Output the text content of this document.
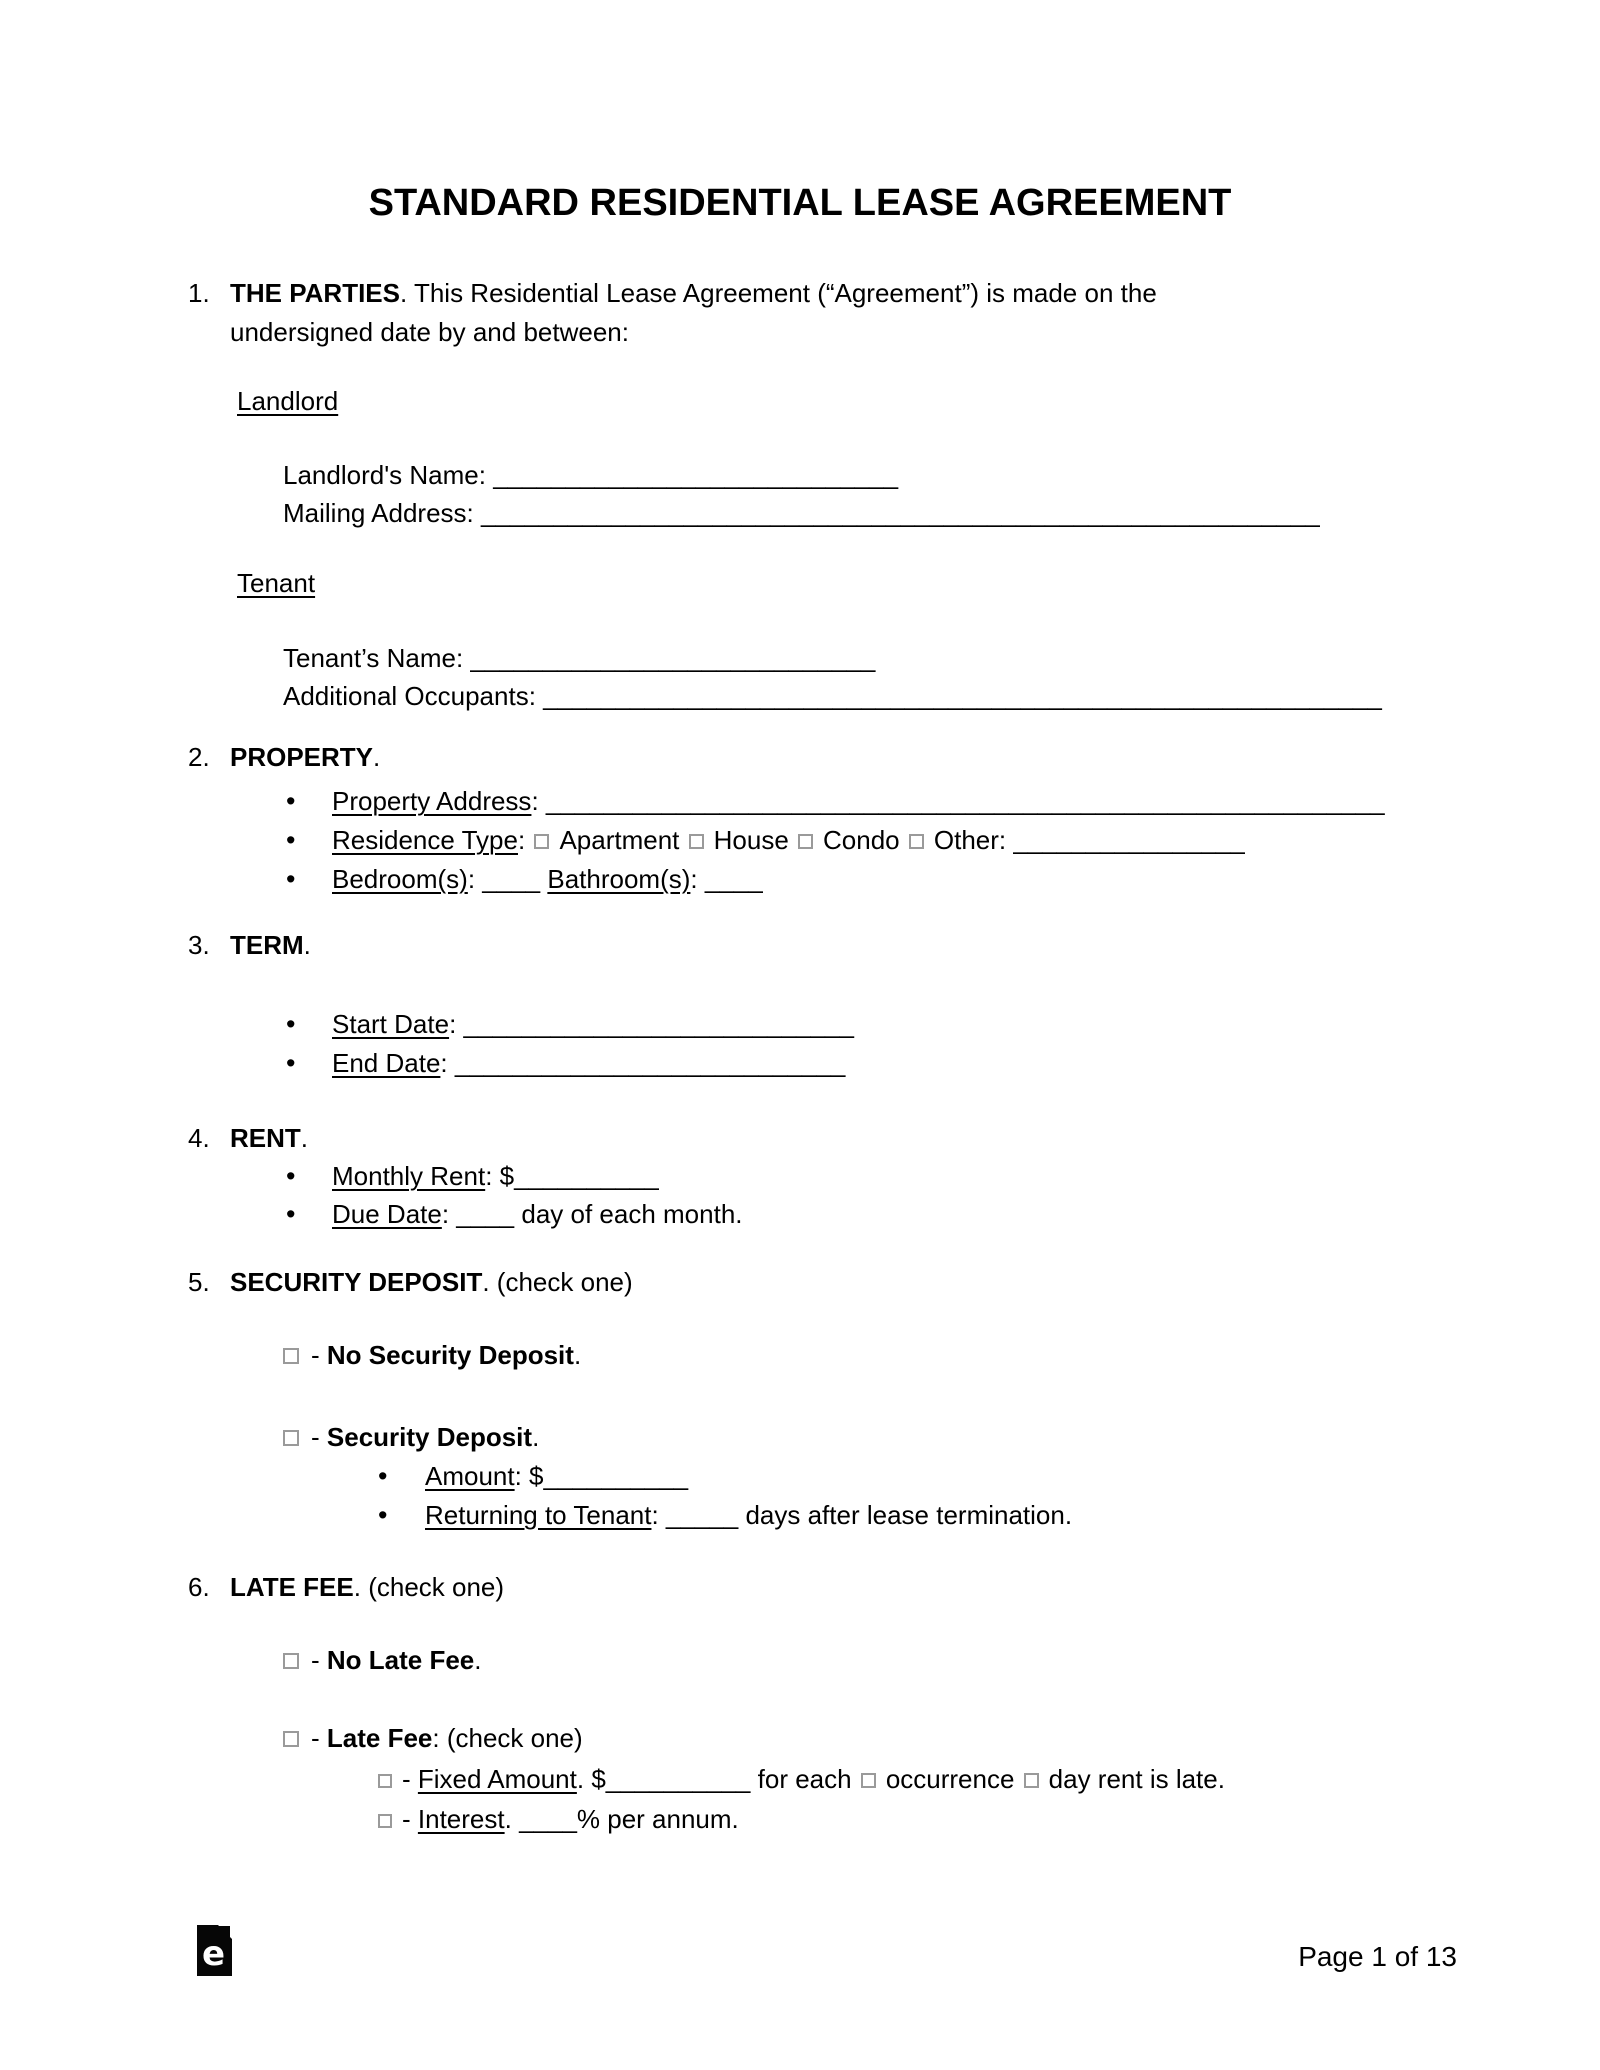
STANDARD RESIDENTIAL LEASE AGREEMENT
1. THE PARTIES. This Residential Lease Agreement (“Agreement”) is made on the
undersigned date by and between:
Landlord
Landlord's Name: ____________________________
Mailing Address: __________________________________________________________
Tenant
Tenant’s Name: ____________________________
Additional Occupants: __________________________________________________________
2. PROPERTY.
•	Property Address: __________________________________________________________
•	Residence Type: Apartment House Condo Other: ________________
•	Bedroom(s): ____ Bathroom(s): ____
3. TERM.
•	Start Date: ___________________________
•	End Date: ___________________________
4. RENT.
•	Monthly Rent: $__________
•	Due Date: ____ day of each month.
5. SECURITY DEPOSIT. (check one)
- No Security Deposit.
- Security Deposit.
•	Amount: $__________
•	Returning to Tenant: _____ days after lease termination.
6. LATE FEE. (check one)
- No Late Fee.
- Late Fee: (check one)
- Fixed Amount. $__________ for each occurrence day rent is late.
- Interest. ____% per annum.
e	Page 1 of 13
